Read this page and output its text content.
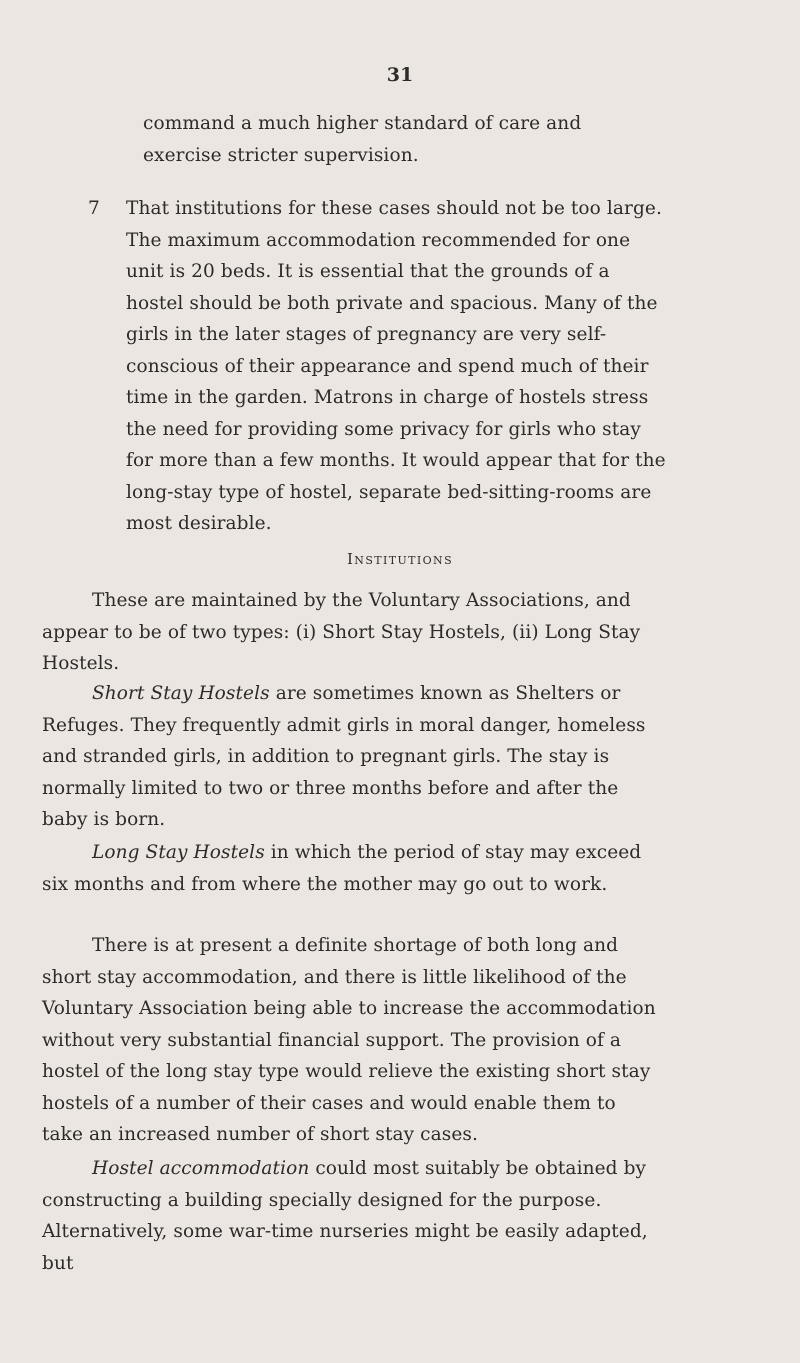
31

command a much higher standard of care and exercise stricter supervision.

7 That institutions for these cases should not be too large. The maximum accommodation recommended for one unit is 20 beds. It is essential that the grounds of a hostel should be both private and spacious. Many of the girls in the later stages of pregnancy are very self-conscious of their appearance and spend much of their time in the garden. Matrons in charge of hostels stress the need for providing some privacy for girls who stay for more than a few months. It would appear that for the long-stay type of hostel, separate bed-sitting-rooms are most desirable.
Institutions

These are maintained by the Voluntary Associations, and appear to be of two types: (i) Short Stay Hostels, (ii) Long Stay Hostels.

Short Stay Hostels are sometimes known as Shelters or Refuges. They frequently admit girls in moral danger, homeless and stranded girls, in addition to pregnant girls. The stay is normally limited to two or three months before and after the baby is born.

Long Stay Hostels in which the period of stay may exceed six months and from where the mother may go out to work.

There is at present a definite shortage of both long and short stay accommodation, and there is little likelihood of the Voluntary Association being able to increase the accommodation without very substantial financial support. The provision of a hostel of the long stay type would relieve the existing short stay hostels of a number of their cases and would enable them to take an increased number of short stay cases.

Hostel accommodation could most suitably be obtained by constructing a building specially designed for the purpose. Alternatively, some war-time nurseries might be easily adapted, but
